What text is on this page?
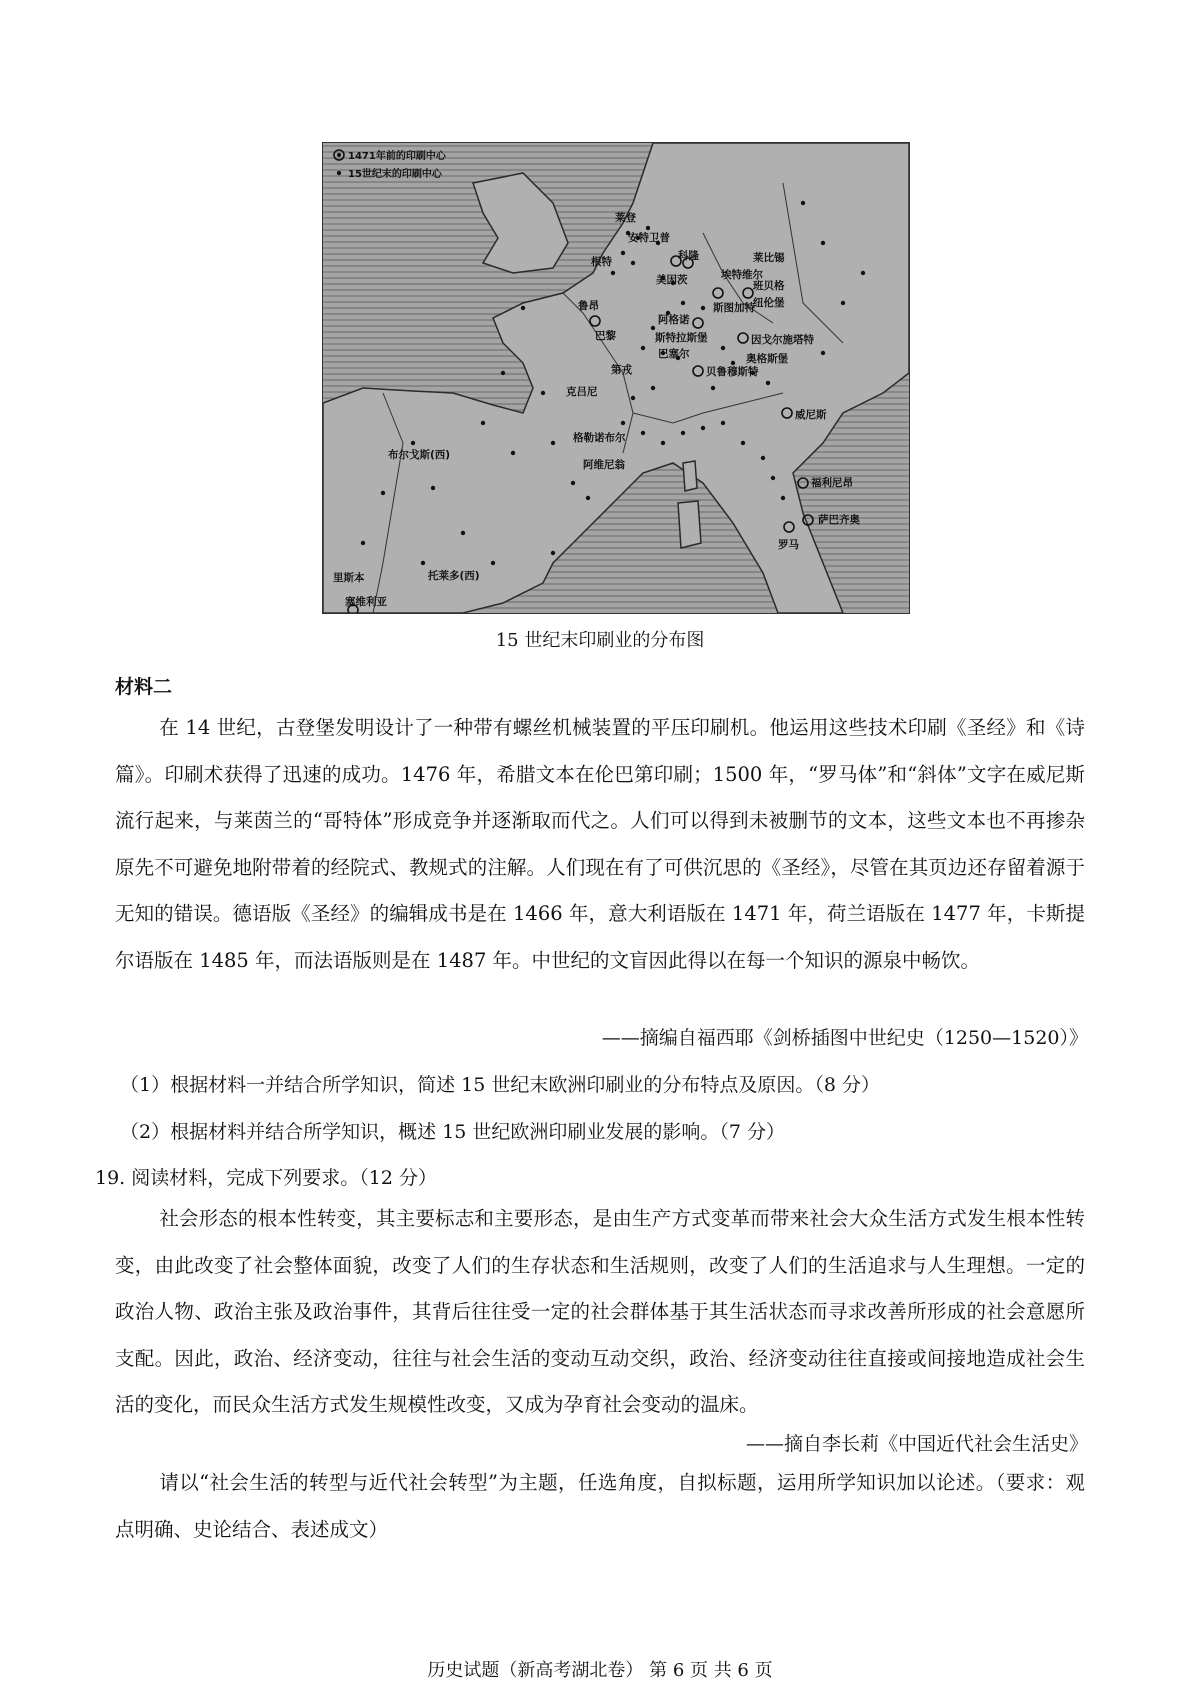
1471年前的印刷中心
15世纪末的印刷中心
莱登
安特卫普
根特	科隆	莱比锡
美因茨	埃特维尔
班贝格
鲁昂
巴黎
纽伦堡
阿格诺
斯图加特
斯特拉斯堡	因戈尔施塔特
巴塞尔	奥格斯堡
第戎	贝鲁穆斯特
克吕尼
威尼斯
格勒诺布尔
阿维尼翁
福利尼昂
布尔戈斯(西)
罗马
萨巴齐奥
里斯本	托莱多(西)
塞维利亚
15 世纪末印刷业的分布图
材料二
在 14 世纪，古登堡发明设计了一种带有螺丝机械装置的平压印刷机。他运用这些技术印刷《圣经》和《诗篇》。印刷术获得了迅速的成功。1476 年，希腊文本在伦巴第印刷；1500 年，“罗马体”和“斜体”文字在威尼斯流行起来，与莱茵兰的“哥特体”形成竞争并逐渐取而代之。人们可以得到未被删节的文本，这些文本也不再掺杂原先不可避免地附带着的经院式、教规式的注解。人们现在有了可供沉思的《圣经》，尽管在其页边还存留着源于无知的错误。德语版《圣经》的编辑成书是在 1466 年，意大利语版在 1471 年，荷兰语版在 1477 年，卡斯提尔语版在 1485 年，而法语版则是在 1487 年。中世纪的文盲因此得以在每一个知识的源泉中畅饮。
——摘编自福西耶《剑桥插图中世纪史（1250—1520）》
（1）根据材料一并结合所学知识，简述 15 世纪末欧洲印刷业的分布特点及原因。（8 分）
（2）根据材料并结合所学知识，概述 15 世纪欧洲印刷业发展的影响。（7 分）
19. 阅读材料，完成下列要求。（12 分）
社会形态的根本性转变，其主要标志和主要形态，是由生产方式变革而带来社会大众生活方式发生根本性转变，由此改变了社会整体面貌，改变了人们的生存状态和生活规则，改变了人们的生活追求与人生理想。一定的政治人物、政治主张及政治事件，其背后往往受一定的社会群体基于其生活状态而寻求改善所形成的社会意愿所支配。因此，政治、经济变动，往往与社会生活的变动互动交织，政治、经济变动往往直接或间接地造成社会生活的变化，而民众生活方式发生规模性改变，又成为孕育社会变动的温床。
——摘自李长莉《中国近代社会生活史》
请以“社会生活的转型与近代社会转型”为主题，任选角度，自拟标题，运用所学知识加以论述。（要求：观点明确、史论结合、表述成文）
历史试题（新高考湖北卷） 第 6 页 共 6 页
